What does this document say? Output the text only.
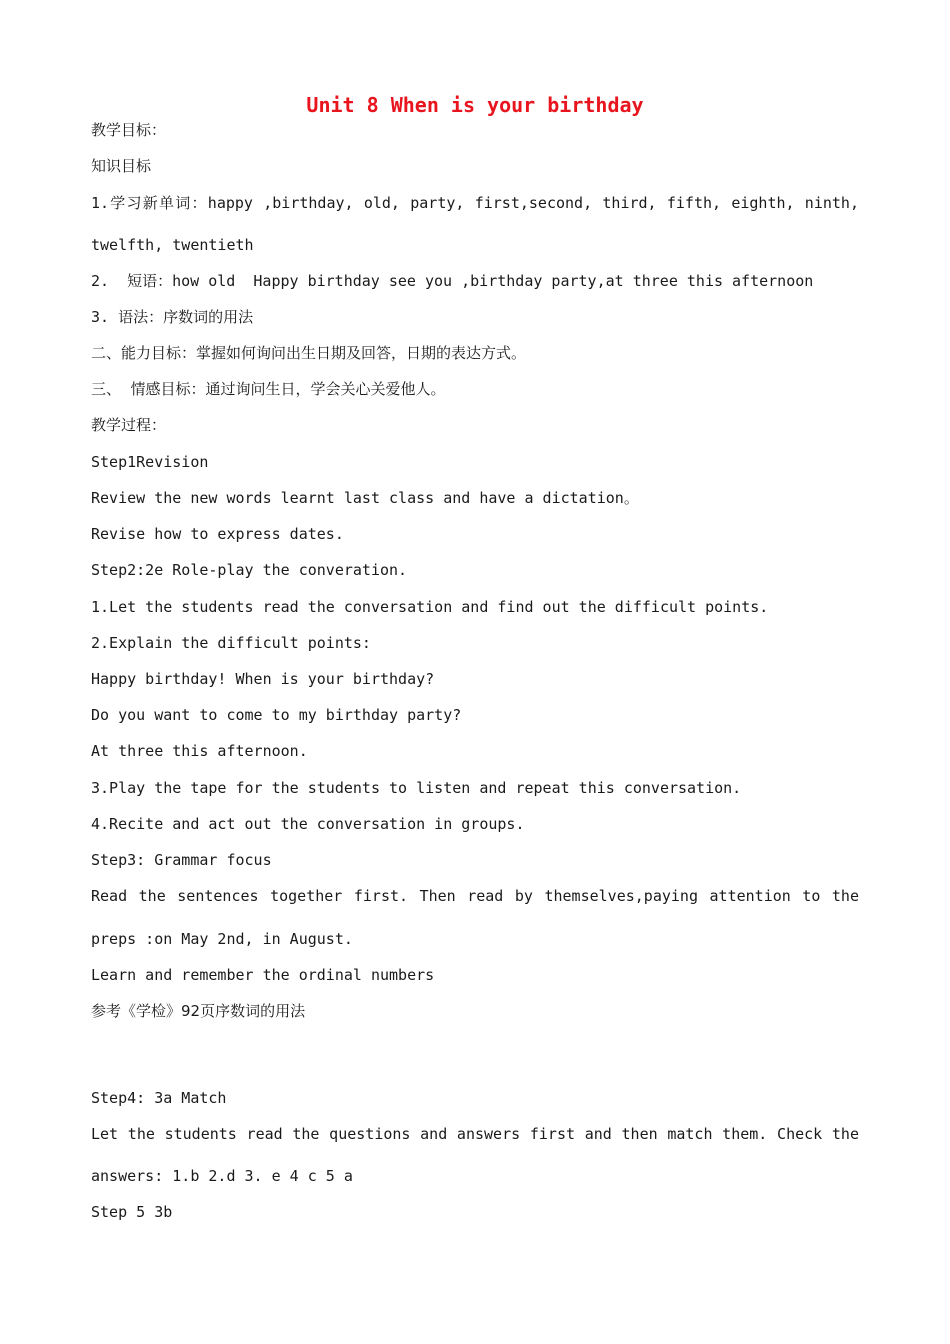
Unit 8 When is your birthday
教学目标：
知识目标
1.学习新单词：happy ,birthday, old, party, first,second, third, fifth, eighth, ninth,
twelfth, twentieth
2.  短语：how old  Happy birthday see you ,birthday party,at three this afternoon
3. 语法：序数词的用法
二、能力目标：掌握如何询问出生日期及回答，日期的表达方式。
三、  情感目标：通过询问生日，学会关心关爱他人。
教学过程：
Step1Revision
Review the new words learnt last class and have a dictation。
Revise how to express dates.
Step2:2e Role-play the converation.
1.Let the students read the conversation and find out the difficult points.
2.Explain the difficult points:
Happy birthday! When is your birthday?
Do you want to come to my birthday party?
At three this afternoon.
3.Play the tape for the students to listen and repeat this conversation.
4.Recite and act out the conversation in groups.
Step3: Grammar focus
Read the sentences together first. Then read by themselves,paying attention to the
preps :on May 2nd, in August.
Learn and remember the ordinal numbers
参考《学检》92页序数词的用法
Step4: 3a Match
Let the students read the questions and answers first and then match them. Check the
answers: 1.b 2.d 3. e 4 c 5 a
Step 5 3b
